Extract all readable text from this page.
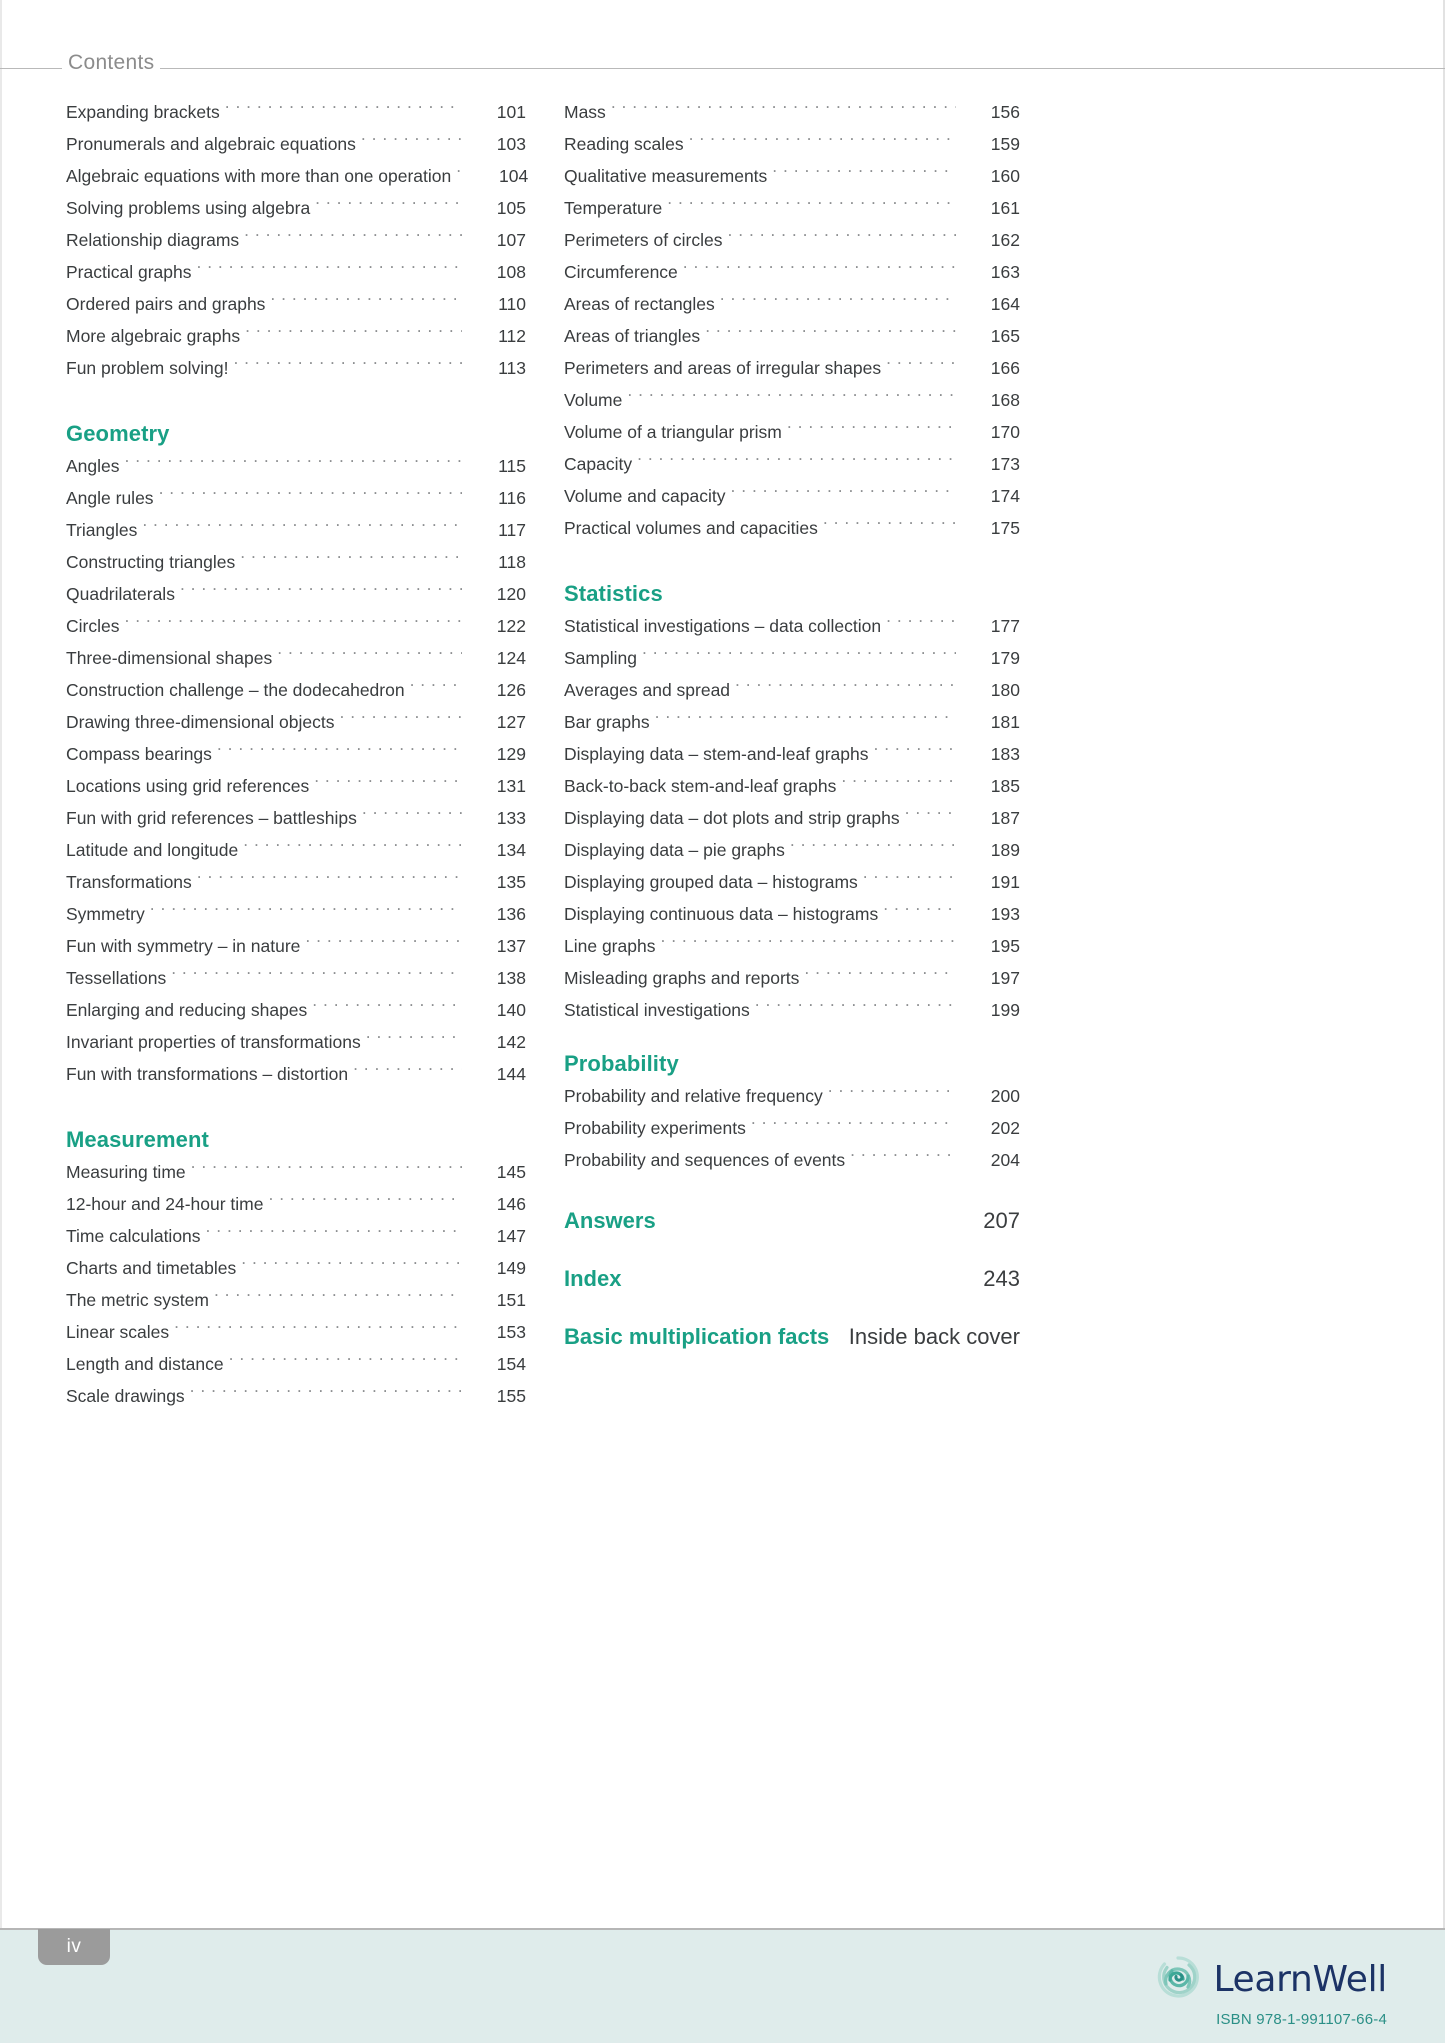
Contents
Expanding brackets . . .	101
Pronumerals and algebraic equations . . .	103
Algebraic equations with more than one operation . . .	104
Solving problems using algebra . . .	105
Relationship diagrams . . .	107
Practical graphs . . .	108
Ordered pairs and graphs . . .	110
More algebraic graphs . . .	112
Fun problem solving! . . .	113
Geometry
Angles . . .	115
Angle rules . . .	116
Triangles . . .	117
Constructing triangles . . .	118
Quadrilaterals . . .	120
Circles . . .	122
Three-dimensional shapes . . .	124
Construction challenge – the dodecahedron . . .	126
Drawing three-dimensional objects . . .	127
Compass bearings . . .	129
Locations using grid references . . .	131
Fun with grid references – battleships . . .	133
Latitude and longitude . . .	134
Transformations . . .	135
Symmetry . . .	136
Fun with symmetry – in nature . . .	137
Tessellations . . .	138
Enlarging and reducing shapes . . .	140
Invariant properties of transformations . . .	142
Fun with transformations – distortion . . .	144
Measurement
Measuring time . . .	145
12-hour and 24-hour time . . .	146
Time calculations . . .	147
Charts and timetables . . .	149
The metric system . . .	151
Linear scales . . .	153
Length and distance . . .	154
Scale drawings . . .	155
Mass . . .	156
Reading scales . . .	159
Qualitative measurements . . .	160
Temperature . . .	161
Perimeters of circles . . .	162
Circumference . . .	163
Areas of rectangles . . .	164
Areas of triangles . . .	165
Perimeters and areas of irregular shapes . . .	166
Volume . . .	168
Volume of a triangular prism . . .	170
Capacity . . .	173
Volume and capacity . . .	174
Practical volumes and capacities . . .	175
Statistics
Statistical investigations – data collection . . .	177
Sampling . . .	179
Averages and spread . . .	180
Bar graphs . . .	181
Displaying data – stem-and-leaf graphs . . .	183
Back-to-back stem-and-leaf graphs . . .	185
Displaying data – dot plots and strip graphs . . .	187
Displaying data – pie graphs . . .	189
Displaying grouped data – histograms . . .	191
Displaying continuous data – histograms . . .	193
Line graphs . . .	195
Misleading graphs and reports . . .	197
Statistical investigations . . .	199
Probability
Probability and relative frequency . . .	200
Probability experiments . . .	202
Probability and sequences of events . . .	204
Answers . . .	207
Index . . .	243
Basic multiplication facts . . . Inside back cover
iv
LearnWell
ISBN 978-1-991107-66-4
